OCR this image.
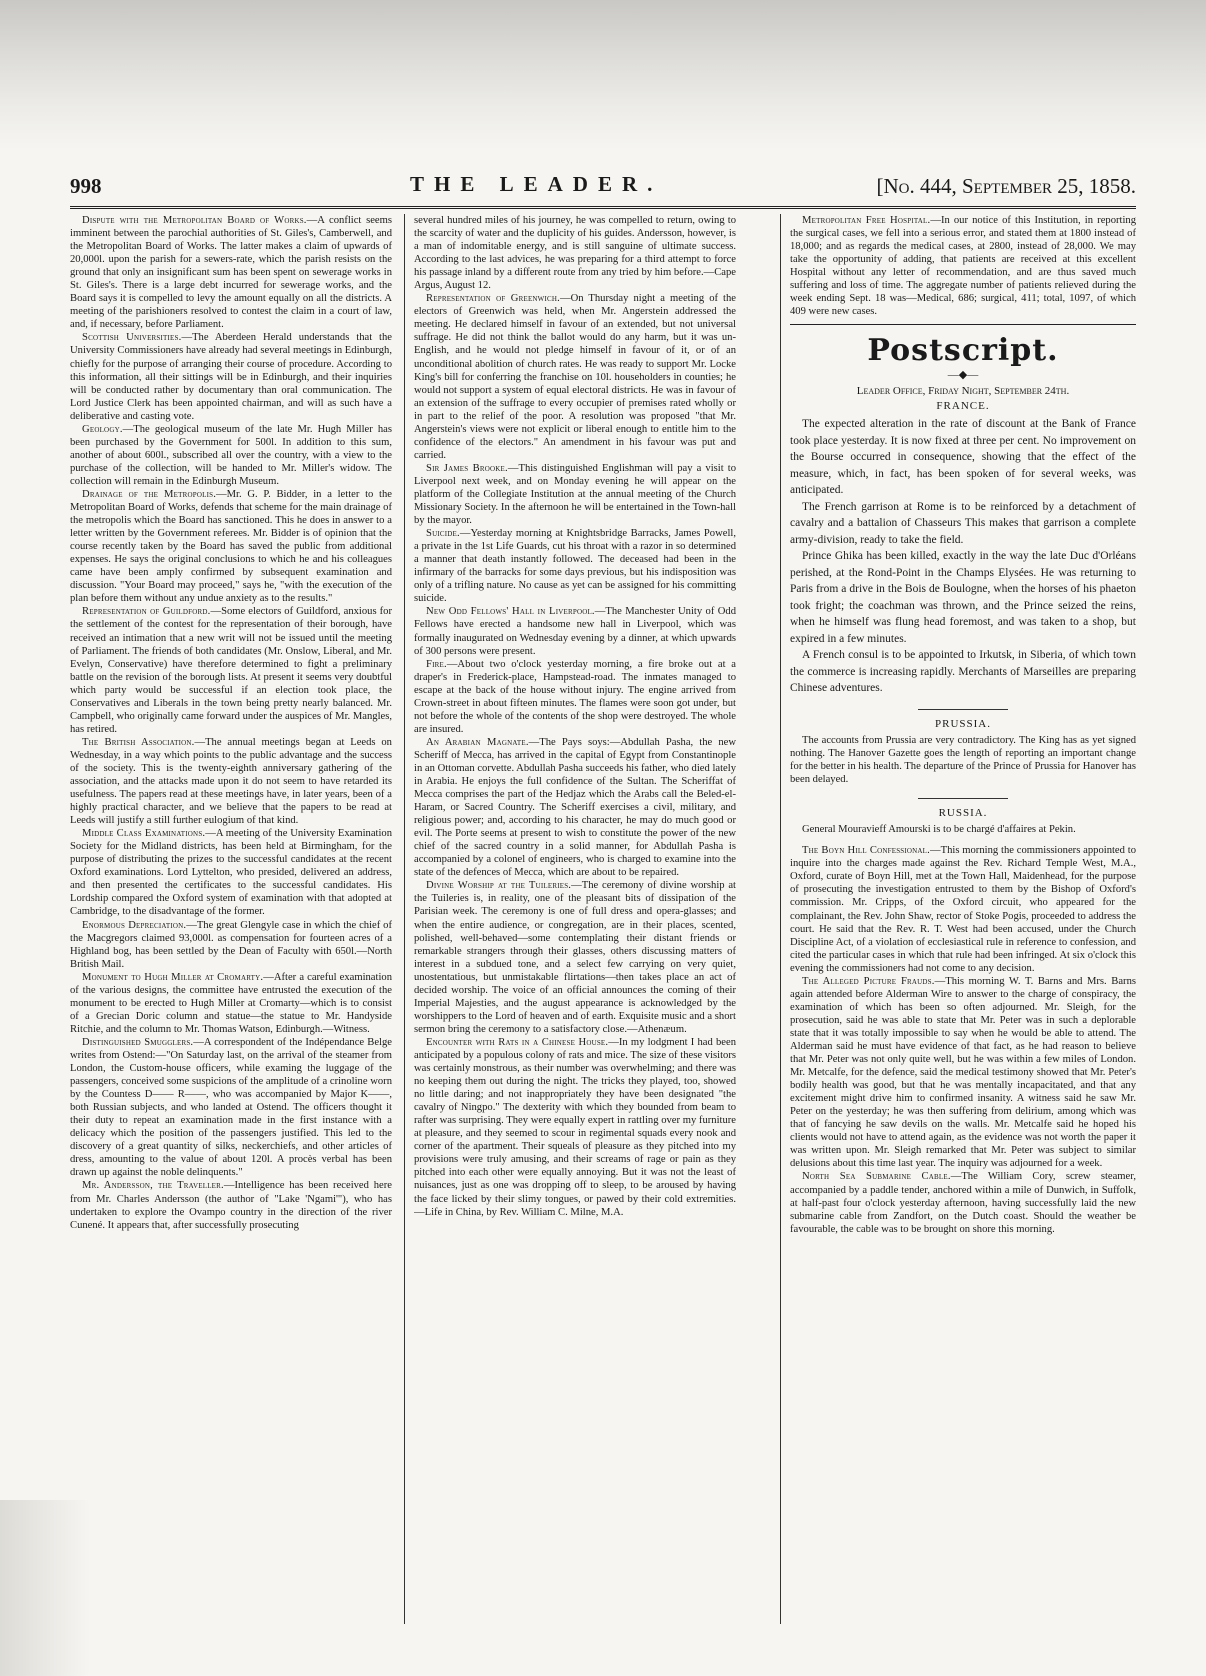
998	THE LEADER.	[No. 444, September 25, 1858.

Dispute with the Metropolitan Board of Works.—A conflict seems imminent between the parochial authorities of St. Giles's, Camberwell, and the Metropolitan Board of Works. The latter makes a claim of upwards of 20,000l. upon the parish for a sewers-rate, which the parish resists on the ground that only an insignificant sum has been spent on sewerage works in St. Giles's. There is a large debt incurred for sewerage works, and the Board says it is compelled to levy the amount equally on all the districts. A meeting of the parishioners resolved to contest the claim in a court of law, and, if necessary, before Parliament.

Scottish Universities.—The Aberdeen Herald understands that the University Commissioners have already had several meetings in Edinburgh, chiefly for the purpose of arranging their course of procedure. According to this information, all their sittings will be in Edinburgh, and their inquiries will be conducted rather by documentary than oral communication. The Lord Justice Clerk has been appointed chairman, and will as such have a deliberative and casting vote.

Geology.—The geological museum of the late Mr. Hugh Miller has been purchased by the Government for 500l. In addition to this sum, another of about 600l., subscribed all over the country, with a view to the purchase of the collection, will be handed to Mr. Miller's widow. The collection will remain in the Edinburgh Museum.

Drainage of the Metropolis.—Mr. G. P. Bidder, in a letter to the Metropolitan Board of Works, defends that scheme for the main drainage of the metropolis which the Board has sanctioned. This he does in answer to a letter written by the Government referees. Mr. Bidder is of opinion that the course recently taken by the Board has saved the public from additional expenses. He says the original conclusions to which he and his colleagues came have been amply confirmed by subsequent examination and discussion. "Your Board may proceed," says he, "with the execution of the plan before them without any undue anxiety as to the results."

Representation of Guildford.—Some electors of Guildford, anxious for the settlement of the contest for the representation of their borough, have received an intimation that a new writ will not be issued until the meeting of Parliament. The friends of both candidates (Mr. Onslow, Liberal, and Mr. Evelyn, Conservative) have therefore determined to fight a preliminary battle on the revision of the borough lists. At present it seems very doubtful which party would be successful if an election took place, the Conservatives and Liberals in the town being pretty nearly balanced. Mr. Campbell, who originally came forward under the auspices of Mr. Mangles, has retired.

The British Association.—The annual meetings began at Leeds on Wednesday, in a way which points to the public advantage and the success of the society. This is the twenty-eighth anniversary gathering of the association, and the attacks made upon it do not seem to have retarded its usefulness. The papers read at these meetings have, in later years, been of a highly practical character, and we believe that the papers to be read at Leeds will justify a still further eulogium of that kind.

Middle Class Examinations.—A meeting of the University Examination Society for the Midland districts, has been held at Birmingham, for the purpose of distributing the prizes to the successful candidates at the recent Oxford examinations. Lord Lyttelton, who presided, delivered an address, and then presented the certificates to the successful candidates. His Lordship compared the Oxford system of examination with that adopted at Cambridge, to the disadvantage of the former.

Enormous Depreciation.—The great Glengyle case in which the chief of the Macgregors claimed 93,000l. as compensation for fourteen acres of a Highland bog, has been settled by the Dean of Faculty with 650l.—North British Mail.

Monument to Hugh Miller at Cromarty.—After a careful examination of the various designs, the committee have entrusted the execution of the monument to be erected to Hugh Miller at Cromarty—which is to consist of a Grecian Doric column and statue—the statue to Mr. Handyside Ritchie, and the column to Mr. Thomas Watson, Edinburgh.—Witness.

Distinguished Smugglers.—A correspondent of the Indépendance Belge writes from Ostend:—"On Saturday last, on the arrival of the steamer from London, the Custom-house officers, while examing the luggage of the passengers, conceived some suspicions of the amplitude of a crinoline worn by the Countess D—— R——, who was accompanied by Major K——, both Russian subjects, and who landed at Ostend. The officers thought it their duty to repeat an examination made in the first instance with a delicacy which the position of the passengers justified. This led to the discovery of a great quantity of silks, neckerchiefs, and other articles of dress, amounting to the value of about 120l. A procès verbal has been drawn up against the noble delinquents."

Mr. Andersson, the Traveller.—Intelligence has been received here from Mr. Charles Andersson (the author of "Lake 'Ngami'"), who has undertaken to explore the Ovampo country in the direction of the river Cunené. It appears that, after successfully prosecuting

several hundred miles of his journey, he was compelled to return, owing to the scarcity of water and the duplicity of his guides. Andersson, however, is a man of indomitable energy, and is still sanguine of ultimate success. According to the last advices, he was preparing for a third attempt to force his passage inland by a different route from any tried by him before.—Cape Argus, August 12.

Representation of Greenwich.—On Thursday night a meeting of the electors of Greenwich was held, when Mr. Angerstein addressed the meeting. He declared himself in favour of an extended, but not universal suffrage. He did not think the ballot would do any harm, but it was un-English, and he would not pledge himself in favour of it, or of an unconditional abolition of church rates. He was ready to support Mr. Locke King's bill for conferring the franchise on 10l. householders in counties; he would not support a system of equal electoral districts. He was in favour of an extension of the suffrage to every occupier of premises rated wholly or in part to the relief of the poor. A resolution was proposed "that Mr. Angerstein's views were not explicit or liberal enough to entitle him to the confidence of the electors." An amendment in his favour was put and carried.

Sir James Brooke.—This distinguished Englishman will pay a visit to Liverpool next week, and on Monday evening he will appear on the platform of the Collegiate Institution at the annual meeting of the Church Missionary Society. In the afternoon he will be entertained in the Town-hall by the mayor.

Suicide.—Yesterday morning at Knightsbridge Barracks, James Powell, a private in the 1st Life Guards, cut his throat with a razor in so determined a manner that death instantly followed. The deceased had been in the infirmary of the barracks for some days previous, but his indisposition was only of a trifling nature. No cause as yet can be assigned for his committing suicide.

New Odd Fellows' Hall in Liverpool.—The Manchester Unity of Odd Fellows have erected a handsome new hall in Liverpool, which was formally inaugurated on Wednesday evening by a dinner, at which upwards of 300 persons were present.

Fire.—About two o'clock yesterday morning, a fire broke out at a draper's in Frederick-place, Hampstead-road. The inmates managed to escape at the back of the house without injury. The engine arrived from Crown-street in about fifteen minutes. The flames were soon got under, but not before the whole of the contents of the shop were destroyed. The whole are insured.

An Arabian Magnate.—The Pays soys:—Abdullah Pasha, the new Scheriff of Mecca, has arrived in the capital of Egypt from Constantinople in an Ottoman corvette. Abdullah Pasha succeeds his father, who died lately in Arabia. He enjoys the full confidence of the Sultan. The Scheriffat of Mecca comprises the part of the Hedjaz which the Arabs call the Beled-el-Haram, or Sacred Country. The Scheriff exercises a civil, military, and religious power; and, according to his character, he may do much good or evil. The Porte seems at present to wish to constitute the power of the new chief of the sacred country in a solid manner, for Abdullah Pasha is accompanied by a colonel of engineers, who is charged to examine into the state of the defences of Mecca, which are about to be repaired.

Divine Worship at the Tuileries.—The ceremony of divine worship at the Tuileries is, in reality, one of the pleasant bits of dissipation of the Parisian week. The ceremony is one of full dress and opera-glasses; and when the entire audience, or congregation, are in their places, scented, polished, well-behaved—some contemplating their distant friends or remarkable strangers through their glasses, others discussing matters of interest in a subdued tone, and a select few carrying on very quiet, unostentatious, but unmistakable flirtations—then takes place an act of decided worship. The voice of an official announces the coming of their Imperial Majesties, and the august appearance is acknowledged by the worshippers to the Lord of heaven and of earth. Exquisite music and a short sermon bring the ceremony to a satisfactory close.—Athenæum.

Encounter with Rats in a Chinese House.—In my lodgment I had been anticipated by a populous colony of rats and mice. The size of these visitors was certainly monstrous, as their number was overwhelming; and there was no keeping them out during the night. The tricks they played, too, showed no little daring; and not inappropriately they have been designated "the cavalry of Ningpo." The dexterity with which they bounded from beam to rafter was surprising. They were equally expert in rattling over my furniture at pleasure, and they seemed to scour in regimental squads every nook and corner of the apartment. Their squeals of pleasure as they pitched into my provisions were truly amusing, and their screams of rage or pain as they pitched into each other were equally annoying. But it was not the least of nuisances, just as one was dropping off to sleep, to be aroused by having the face licked by their slimy tongues, or pawed by their cold extremities.—Life in China, by Rev. William C. Milne, M.A.

Metropolitan Free Hospital.—In our notice of this Institution, in reporting the surgical cases, we fell into a serious error, and stated them at 1800 instead of 18,000; and as regards the medical cases, at 2800, instead of 28,000. We may take the opportunity of adding, that patients are received at this excellent Hospital without any letter of recommendation, and are thus saved much suffering and loss of time. The aggregate number of patients relieved during the week ending Sept. 18 was—Medical, 686; surgical, 411; total, 1097, of which 409 were new cases.

Postscript.
—◆—
Leader Office, Friday Night, September 24th.
FRANCE.

The expected alteration in the rate of discount at the Bank of France took place yesterday. It is now fixed at three per cent. No improvement on the Bourse occurred in consequence, showing that the effect of the measure, which, in fact, has been spoken of for several weeks, was anticipated.

The French garrison at Rome is to be reinforced by a detachment of cavalry and a battalion of Chasseurs This makes that garrison a complete army-division, ready to take the field.

Prince Ghika has been killed, exactly in the way the late Duc d'Orléans perished, at the Rond-Point in the Champs Elysées. He was returning to Paris from a drive in the Bois de Boulogne, when the horses of his phaeton took fright; the coachman was thrown, and the Prince seized the reins, when he himself was flung head foremost, and was taken to a shop, but expired in a few minutes.

A French consul is to be appointed to Irkutsk, in Siberia, of which town the commerce is increasing rapidly. Merchants of Marseilles are preparing Chinese adventures.

PRUSSIA.

The accounts from Prussia are very contradictory. The King has as yet signed nothing. The Hanover Gazette goes the length of reporting an important change for the better in his health. The departure of the Prince of Prussia for Hanover has been delayed.

RUSSIA.

General Mouravieff Amourski is to be chargé d'affaires at Pekin.

The Boyn Hill Confessional.—This morning the commissioners appointed to inquire into the charges made against the Rev. Richard Temple West, M.A., Oxford, curate of Boyn Hill, met at the Town Hall, Maidenhead, for the purpose of prosecuting the investigation entrusted to them by the Bishop of Oxford's commission. Mr. Cripps, of the Oxford circuit, who appeared for the complainant, the Rev. John Shaw, rector of Stoke Pogis, proceeded to address the court. He said that the Rev. R. T. West had been accused, under the Church Discipline Act, of a violation of ecclesiastical rule in reference to confession, and cited the particular cases in which that rule had been infringed. At six o'clock this evening the commissioners had not come to any decision.

The Alleged Picture Frauds.—This morning W. T. Barns and Mrs. Barns again attended before Alderman Wire to answer to the charge of conspiracy, the examination of which has been so often adjourned. Mr. Sleigh, for the prosecution, said he was able to state that Mr. Peter was in such a deplorable state that it was totally impossible to say when he would be able to attend. The Alderman said he must have evidence of that fact, as he had reason to believe that Mr. Peter was not only quite well, but he was within a few miles of London. Mr. Metcalfe, for the defence, said the medical testimony showed that Mr. Peter's bodily health was good, but that he was mentally incapacitated, and that any excitement might drive him to confirmed insanity. A witness said he saw Mr. Peter on the yesterday; he was then suffering from delirium, among which was that of fancying he saw devils on the walls. Mr. Metcalfe said he hoped his clients would not have to attend again, as the evidence was not worth the paper it was written upon. Mr. Sleigh remarked that Mr. Peter was subject to similar delusions about this time last year. The inquiry was adjourned for a week.

North Sea Submarine Cable.—The William Cory, screw steamer, accompanied by a paddle tender, anchored within a mile of Dunwich, in Suffolk, at half-past four o'clock yesterday afternoon, having successfully laid the new submarine cable from Zandfort, on the Dutch coast. Should the weather be favourable, the cable was to be brought on shore this morning.
